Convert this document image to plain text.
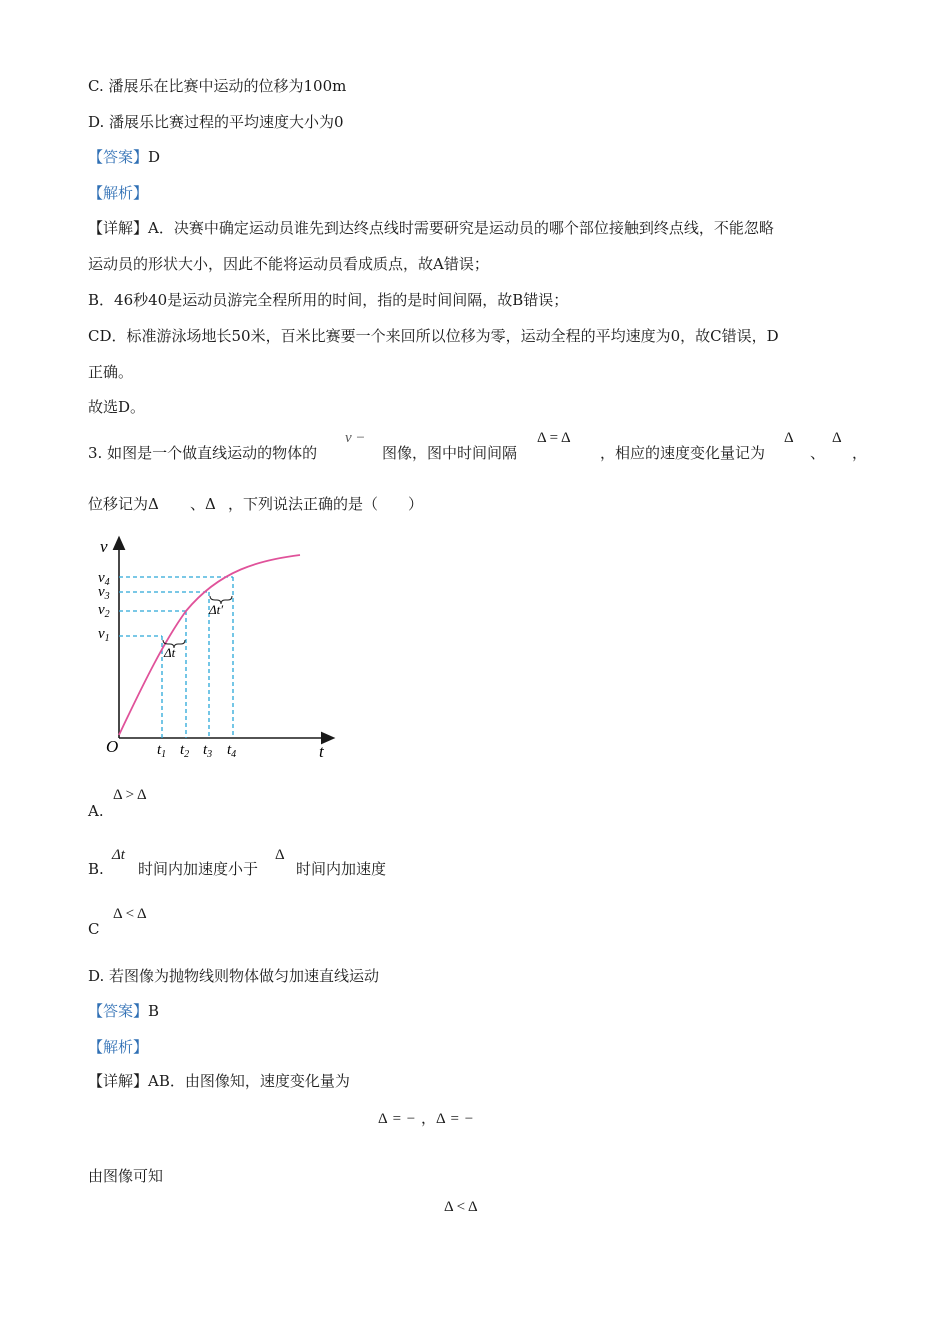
C. 潘展乐在比赛中运动的位移为100m
D. 潘展乐比赛过程的平均速度大小为0
【答案】D
【解析】
【详解】A．决赛中确定运动员谁先到达终点线时需要研究是运动员的哪个部位接触到终点线，不能忽略
运动员的形状大小，因此不能将运动员看成质点，故A错误；
B．46秒40是运动员游完全程所用的时间，指的是时间间隔，故B错误；
CD．标准游泳场地长50米，百米比赛要一个来回所以位移为零，运动全程的平均速度为0，故C错误，D
正确。
故选D。
3. 如图是一个做直线运动的物体的
v −
图像，图中时间间隔
Δ = Δ
，相应的速度变化量记为
Δ
、
Δ
，
位移记为Δ 、Δ ，下列说法正确的是（　　）
v
t
O
Δt
Δt′
$v_4$
$v_3$
$v_2$
$v_1$
$t_1$ $t_2$ $t_3$ $t_4$
Δ > Δ
A.
B.
Δt
时间内加速度小于
Δ
时间内加速度
Δ < Δ
C
D. 若图像为抛物线则物体做匀加速直线运动
【答案】B
【解析】
【详解】AB．由图像知，速度变化量为
Δ = − ，Δ = −
由图像可知
Δ < Δ
